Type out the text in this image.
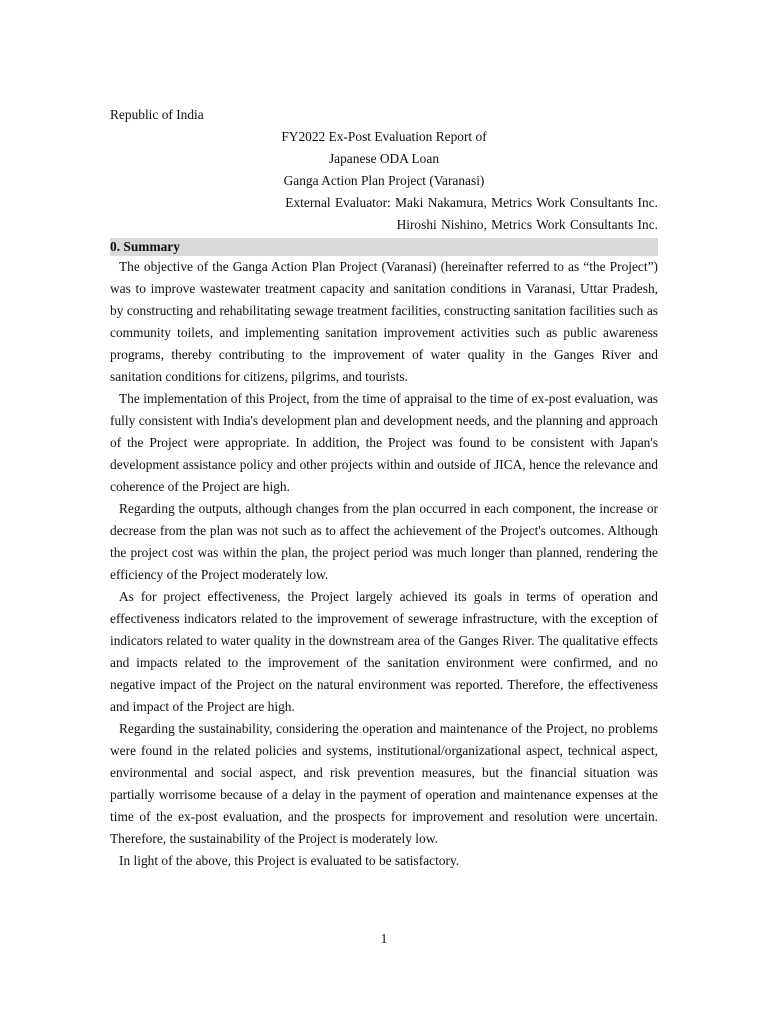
Republic of India

FY2022 Ex-Post Evaluation Report of

Japanese ODA Loan

Ganga Action Plan Project (Varanasi)

External Evaluator: Maki Nakamura, Metrics Work Consultants Inc.

Hiroshi Nishino, Metrics Work Consultants Inc.

0. Summary

The objective of the Ganga Action Plan Project (Varanasi) (hereinafter referred to as “the Project”) was to improve wastewater treatment capacity and sanitation conditions in Varanasi, Uttar Pradesh, by constructing and rehabilitating sewage treatment facilities, constructing sanitation facilities such as community toilets, and implementing sanitation improvement activities such as public awareness programs, thereby contributing to the improvement of water quality in the Ganges River and sanitation conditions for citizens, pilgrims, and tourists.

The implementation of this Project, from the time of appraisal to the time of ex-post evaluation, was fully consistent with India's development plan and development needs, and the planning and approach of the Project were appropriate. In addition, the Project was found to be consistent with Japan's development assistance policy and other projects within and outside of JICA, hence the relevance and coherence of the Project are high.

Regarding the outputs, although changes from the plan occurred in each component, the increase or decrease from the plan was not such as to affect the achievement of the Project's outcomes. Although the project cost was within the plan, the project period was much longer than planned, rendering the efficiency of the Project moderately low.

As for project effectiveness, the Project largely achieved its goals in terms of operation and effectiveness indicators related to the improvement of sewerage infrastructure, with the exception of indicators related to water quality in the downstream area of the Ganges River. The qualitative effects and impacts related to the improvement of the sanitation environment were confirmed, and no negative impact of the Project on the natural environment was reported. Therefore, the effectiveness and impact of the Project are high.

Regarding the sustainability, considering the operation and maintenance of the Project, no problems were found in the related policies and systems, institutional/organizational aspect, technical aspect, environmental and social aspect, and risk prevention measures, but the financial situation was partially worrisome because of a delay in the payment of operation and maintenance expenses at the time of the ex-post evaluation, and the prospects for improvement and resolution were uncertain. Therefore, the sustainability of the Project is moderately low.

In light of the above, this Project is evaluated to be satisfactory.

1
